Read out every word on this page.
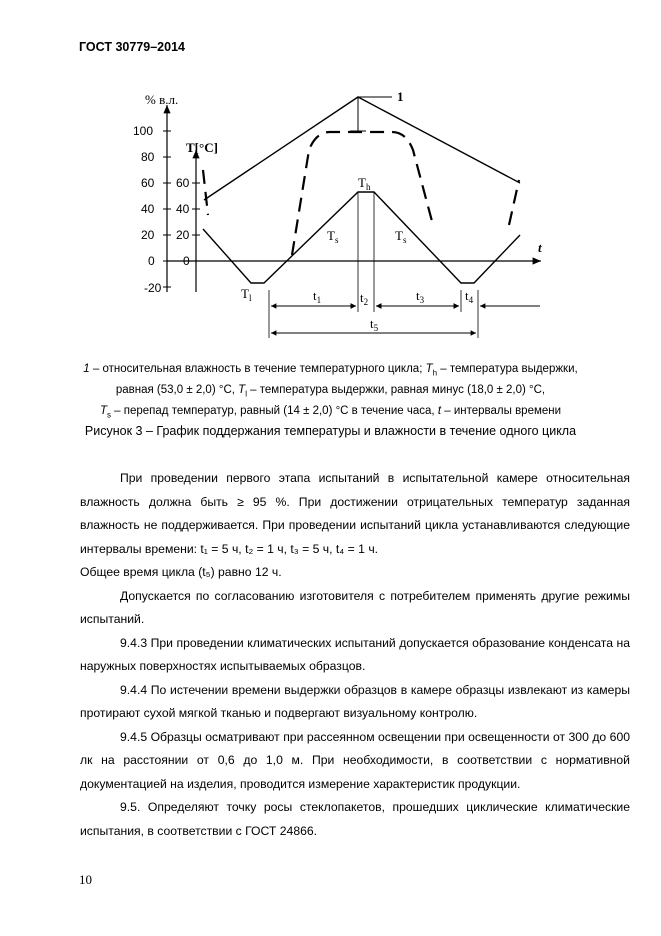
ГОСТ 30779–2014
% в.л.
100
80
60
40
20
0
-20
T[°C]
60
40
20
0
t
1
$T_h$
$T_l$
$T_s$	$T_s$
$t_1$	$t_2$	$t_3$	$t_4$
$t_5$
1 – относительная влажность в течение температурного цикла; $T_h$ – температура выдержки,
равная (53,0 ± 2,0) °С, $T_l$ – температура выдержки, равная минус (18,0 ± 2,0) °С,
$T_s$ – перепад температур, равный (14 ± 2,0) °С в течение часа, t – интервалы времени
Рисунок 3 – График поддержания температуры и влажности в течение одного цикла

При проведении первого этапа испытаний в испытательной камере относительная влажность должна быть ≥ 95 %. При достижении отрицательных температур заданная влажность не поддерживается. При проведении испытаний цикла устанавливаются следующие интервалы времени: t₁ = 5 ч, t₂ = 1 ч, t₃ = 5 ч, t₄ = 1 ч.

Общее время цикла (t₅) равно 12 ч.

Допускается по согласованию изготовителя с потребителем применять другие режимы испытаний.

9.4.3 При проведении климатических испытаний допускается образование конденсата на наружных поверхностях испытываемых образцов.

9.4.4 По истечении времени выдержки образцов в камере образцы извлекают из камеры протирают сухой мягкой тканью и подвергают визуальному контролю.

9.4.5 Образцы осматривают при рассеянном освещении при освещенности от 300 до 600 лк на расстоянии от 0,6 до 1,0 м. При необходимости, в соответствии с нормативной документацией на изделия, проводится измерение характеристик продукции.

9.5. Определяют точку росы стеклопакетов, прошедших циклические климатические испытания, в соответствии с ГОСТ 24866.

10
